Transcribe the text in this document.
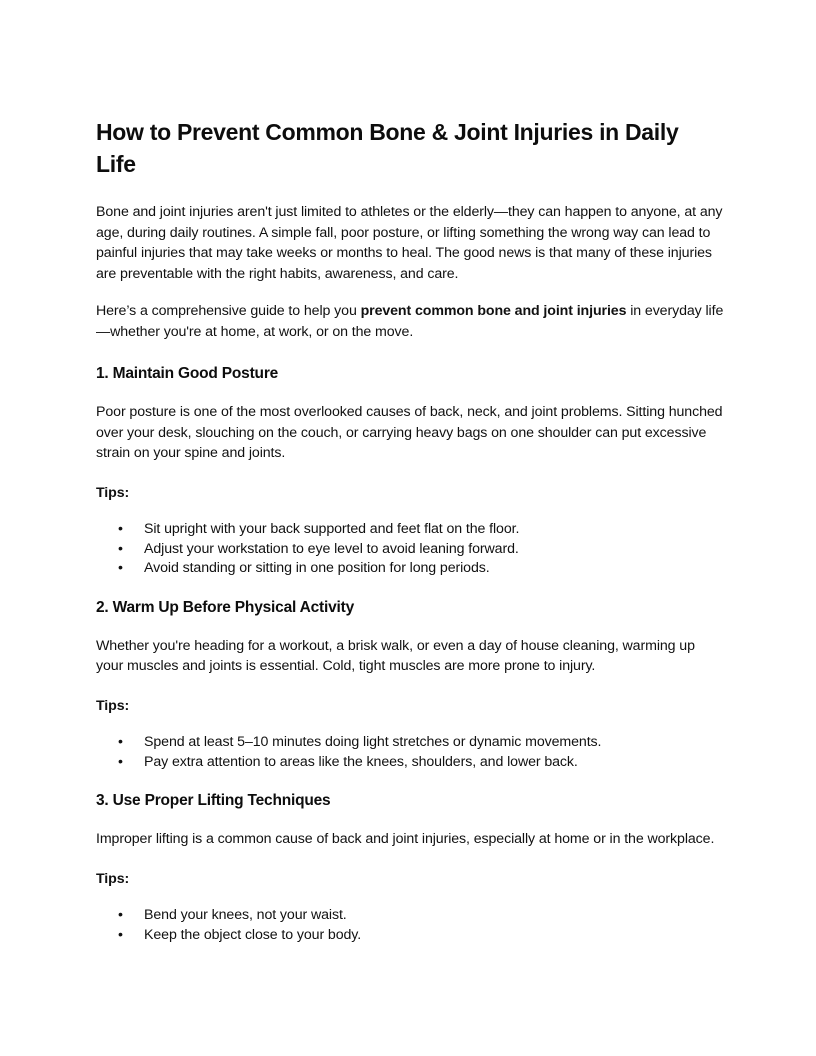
How to Prevent Common Bone & Joint Injuries in Daily Life

Bone and joint injuries aren't just limited to athletes or the elderly—they can happen to anyone, at any age, during daily routines. A simple fall, poor posture, or lifting something the wrong way can lead to painful injuries that may take weeks or months to heal. The good news is that many of these injuries are preventable with the right habits, awareness, and care.

Here’s a comprehensive guide to help you prevent common bone and joint injuries in everyday life—whether you're at home, at work, or on the move.

1. Maintain Good Posture

Poor posture is one of the most overlooked causes of back, neck, and joint problems. Sitting hunched over your desk, slouching on the couch, or carrying heavy bags on one shoulder can put excessive strain on your spine and joints.

Tips:

•	Sit upright with your back supported and feet flat on the floor.
•	Adjust your workstation to eye level to avoid leaning forward.
•	Avoid standing or sitting in one position for long periods.
2. Warm Up Before Physical Activity

Whether you're heading for a workout, a brisk walk, or even a day of house cleaning, warming up your muscles and joints is essential. Cold, tight muscles are more prone to injury.

Tips:

•	Spend at least 5–10 minutes doing light stretches or dynamic movements.
•	Pay extra attention to areas like the knees, shoulders, and lower back.
3. Use Proper Lifting Techniques

Improper lifting is a common cause of back and joint injuries, especially at home or in the workplace.

Tips:

•	Bend your knees, not your waist.
•	Keep the object close to your body.
